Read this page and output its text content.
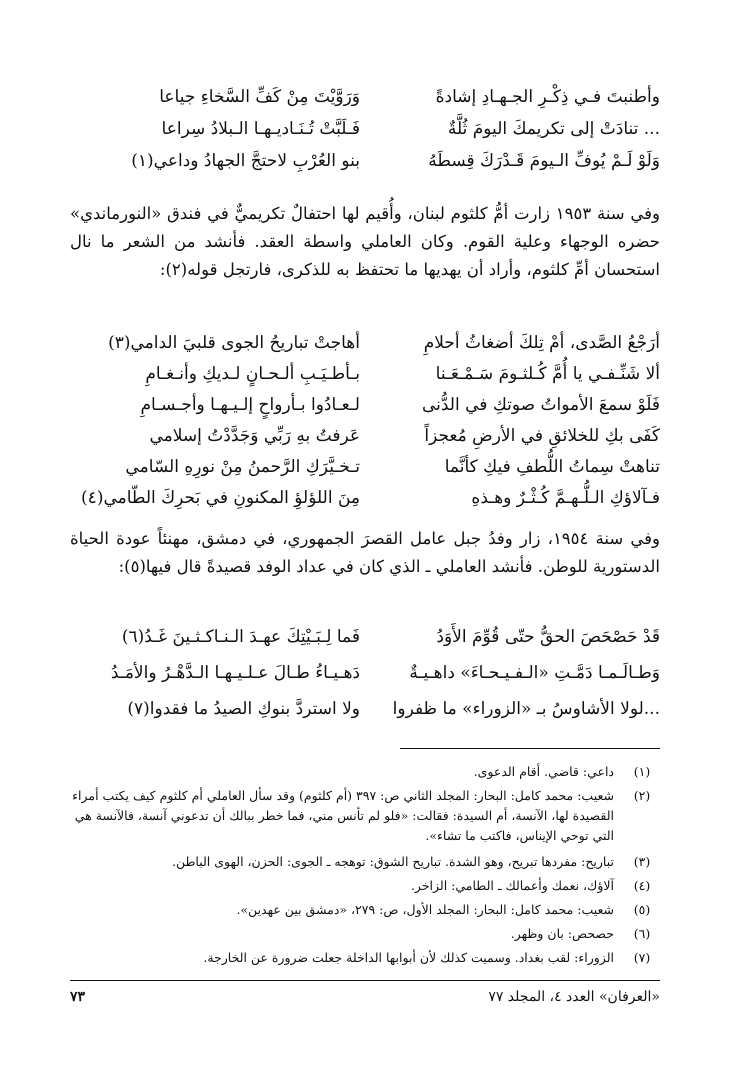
وأطنبتَ فـي ذِكْـرِ الجـهـادِ إشادةً
وَرَوَّيْتَ مِنْ كَفِّ السَّخاءِ جياعا
... تنادَتْ إلى تكريمكَ اليومَ ثُلَّةٌ
فَـلَبَّتْ تُـنَـاديـهـا الـبلادُ سِراعا
وَلَوْ لَـمْ يُوفِّ الـيومَ قَـدْرَكَ قِسطَهُ
بنو العُرْبِ لاحتجَّ الجهادُ وداعي(١)

وفي سنة ١٩٥٣ زارت أمُّ كلثوم لبنان، وأُقيم لها احتفالٌ تكريميٌّ في فندق «النورماندي» حضره الوجهاء وعلية القوم. وكان العاملي واسطة العقد. فأنشد من الشعر ما نال استحسان أمِّ كلثوم، وأراد أن يهديها ما تحتفظ به للذكرى، فارتجل قوله(٢):

أرَجْعُ الصَّدى، أمْ تِلكَ أضغاثُ أحلامِ
أهاجتْ تباريحُ الجوى قلبيَ الدامي(٣)
ألا شَنِّـفـي يا أُمَّ كُـلثـومَ سَـمْـعَـنا
بـأطـيَـبِ ألـحـانٍ لـديكِ وأنـغـامِ
فَلَوْ سمعَ الأمواتُ صوتكِ في الدُّنى
لـعـادُوا بـأرواحٍ إلـيـهـا وأجـسـامِ
كَفَى بكِ للخلائقِ في الأرضِ مُعجزاً
عَرفتُ بهِ رَبِّي وَجَدَّدْتُ إسلامي
تناهتْ سِماتُ اللُّطفِ فيكِ كأنَّما
تـخـيَّرَكِ الرَّحمنُ مِنْ نورِهِ السّامي
فـآلاؤكِ الـلُّـهـمَّ كُـثْـرٌ وهـذهِ
مِنَ اللؤلؤِ المكنونِ في بَحرِكَ الطّامي(٤)

وفي سنة ١٩٥٤، زار وفدُ جبل عامل القصرَ الجمهوري، في دمشق، مهنئاً عودة الحياة الدستورية للوطن. فأنشد العاملي ـ الذي كان في عداد الوفد قصيدةً قال فيها(٥):

قَدْ حَصْحَصَ الحقُّ حتّى قُوِّمَ الأَوَدُ
فَما لِـبَـيْتِكَ عهـدَ الـنـاكـثـينَ غَـدُ(٦)
وَطـالَـمـا دَمَّـتِ «الـفـيـحـاءَ» داهـيـةٌ
دَهـيـاءُ طـالَ عـلـيـهـا الـدَّهْـرُ والأمَـدُ
...لولا الأشاوسُ بـ «الزوراء» ما ظفروا
ولا استردَّ بنوكِ الصيدُ ما فقدوا(٧)
(١)
داعي: قاضي. أقام الدعوى.
(٢)
شعيب: محمد كامل: البحار: المجلد الثاني ص: ٣٩٧ (أم كلثوم) وقد سأل العاملي أم كلثوم كيف يكتب أمراء القصيدة لها، الآنسة، أم السيدة: فقالت: «فلو لم تأنس مني، فما خطر ببالك أن تدعوني آنسة، فالآنسة هي التي توحي الإيناس، فاكتب ما تشاء».
(٣)
تباريح: مفردها تبريح، وهو الشدة. تباريح الشوق: توهجه ـ الجوى: الحزن، الهوى الباطن.
(٤)
آلاؤك، نعمك وأعمالك ـ الطامي: الزاخر.
(٥)
شعيب: محمد كامل: البحار: المجلد الأول، ص: ٢٧٩، «دمشق بين عهدين».
(٦)
حصحص: بان وظهر.
(٧)
الزوراء: لقب بغداد. وسميت كذلك لأن أبوابها الداخلة جعلت ضرورة عن الخارجة.
«العرفان» العدد ٤، المجلد ٧٧
٧٣
